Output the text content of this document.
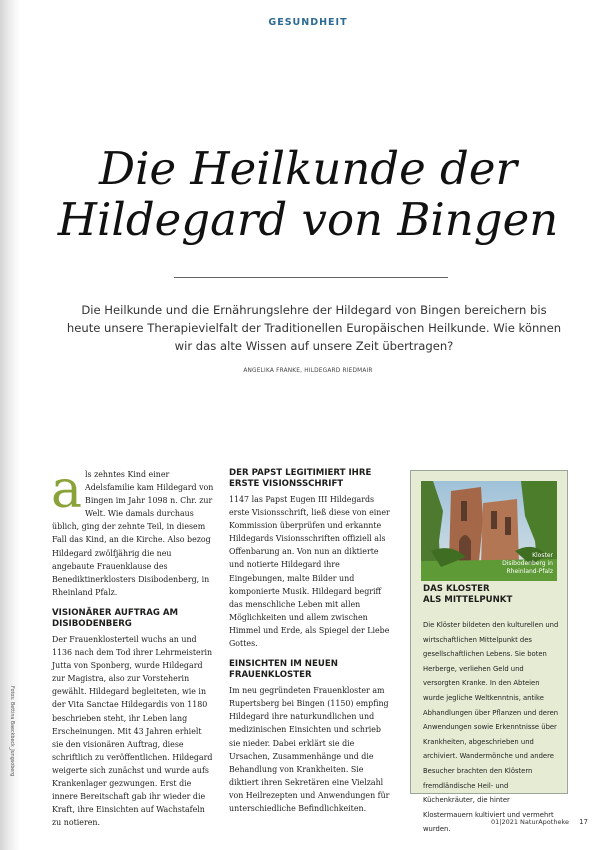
GESUNDHEIT
Die Heilkunde der
Hildegard von Bingen
Die Heilkunde und die Ernährungslehre der Hildegard von Bingen bereichern bis heute unsere Therapievielfalt der Traditionellen Europäischen Heilkunde. Wie können wir das alte Wissen auf unsere Zeit übertragen?
ANGELIKA FRANKE, HILDEGARD RIEDMAIR
a ls zehntes Kind einer Adelsfamilie kam Hildegard von Bingen im Jahr 1098 n. Chr. zur Welt. Wie damals durchaus üblich, ging der zehnte Teil, in diesem Fall das Kind, an die Kirche. Also bezog Hildegard zwölfjährig die neu angebaute Frauenklause des Benediktinerklosters Disibodenberg, in Rheinland Pfalz.

VISIONÄRER AUFTRAG AM DISIBODENBERG

Der Frauenklosterteil wuchs an und 1136 nach dem Tod ihrer Lehrmeisterin Jutta von Sponberg, wurde Hildegard zur Magistra, also zur Vorsteherin gewählt. Hildegard begleiteten, wie in der Vita Sanctae Hildegardis von 1180 beschrieben steht, ihr Leben lang Erscheinungen. Mit 43 Jahren erhielt sie den visionären Auftrag, diese schriftlich zu veröffentlichen. Hildegard weigerte sich zunächst und wurde aufs Krankenlager gezwungen. Erst die innere Bereitschaft gab ihr wieder die Kraft, ihre Einsichten auf Wachstafeln zu notieren.

DER PAPST LEGITIMIERT IHRE ERSTE VISIONSSCHRIFT

1147 las Papst Eugen III Hildegards erste Visionsschrift, ließ diese von einer Kommission überprüfen und erkannte Hildegards Visionsschriften offiziell als Offenbarung an. Von nun an diktierte und notierte Hildegard ihre Eingebungen, malte Bilder und komponierte Musik. Hildegard begriff das menschliche Leben mit allen Möglichkeiten und allem zwischen Himmel und Erde, als Spiegel der Liebe Gottes.

EINSICHTEN IM NEUEN FRAUENKLOSTER

Im neu gegründeten Frauenkloster am Rupertsberg bei Bingen (1150) empfing Hildegard ihre naturkundlichen und medizinischen Einsichten und schrieb sie nieder. Dabei erklärt sie die Ursachen, Zusammenhänge und die Behandlung von Krankheiten. Sie diktiert ihren Sekretären eine Vielzahl von Heilrezepten und Anwendungen für unterschiedliche Befindlichkeiten.

Kloster
Disibodenberg in
Rheinland-Pfalz
DAS KLOSTER
ALS MITTELPUNKT

Die Klöster bildeten den kulturellen und wirtschaftlichen Mittelpunkt des gesellschaftlichen Lebens. Sie boten Herberge, verliehen Geld und versorgten Kranke. In den Abteien wurde jegliche Weltkenntnis, antike Abhandlungen über Pflanzen und deren Anwendungen sowie Erkenntnisse über Krankheiten, abgeschrieben und archiviert. Wandermönche und andere Besucher brachten den Klöstern fremdländische Heil- und Küchenkräuter, die hinter Klostermauern kultiviert und vermehrt wurden.

Fotos: Bettina Baeckbeck_Jungsoberg
01|2021 NaturApotheke 17
